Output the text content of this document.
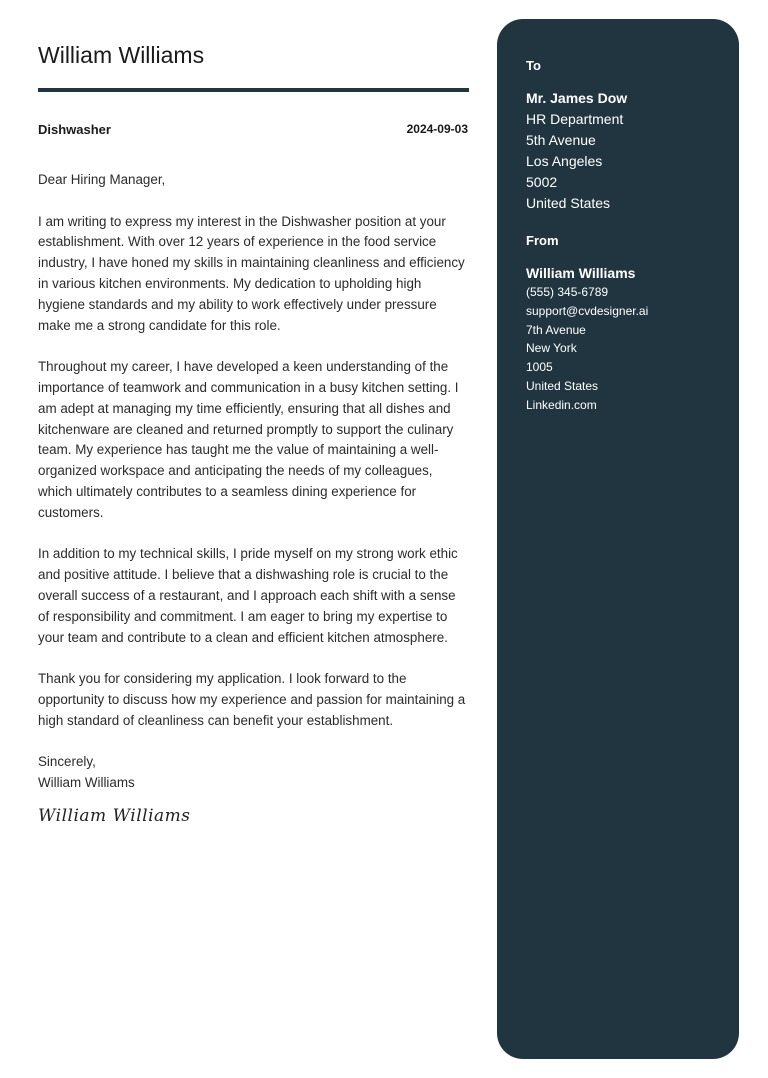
William Williams
Dishwasher	2024-09-03

Dear Hiring Manager,

I am writing to express my interest in the Dishwasher position at your establishment. With over 12 years of experience in the food service industry, I have honed my skills in maintaining cleanliness and efficiency in various kitchen environments. My dedication to upholding high hygiene standards and my ability to work effectively under pressure make me a strong candidate for this role.

Throughout my career, I have developed a keen understanding of the importance of teamwork and communication in a busy kitchen setting. I am adept at managing my time efficiently, ensuring that all dishes and kitchenware are cleaned and returned promptly to support the culinary team. My experience has taught me the value of maintaining a well-organized workspace and anticipating the needs of my colleagues, which ultimately contributes to a seamless dining experience for customers.

In addition to my technical skills, I pride myself on my strong work ethic and positive attitude. I believe that a dishwashing role is crucial to the overall success of a restaurant, and I approach each shift with a sense of responsibility and commitment. I am eager to bring my expertise to your team and contribute to a clean and efficient kitchen atmosphere.

Thank you for considering my application. I look forward to the opportunity to discuss how my experience and passion for maintaining a high standard of cleanliness can benefit your establishment.

Sincerely,

William Williams

William Williams
To
Mr. James Dow
HR Department
5th Avenue
Los Angeles
5002
United States
From
William Williams
(555) 345-6789
support@cvdesigner.ai
7th Avenue
New York
1005
United States
Linkedin.com
